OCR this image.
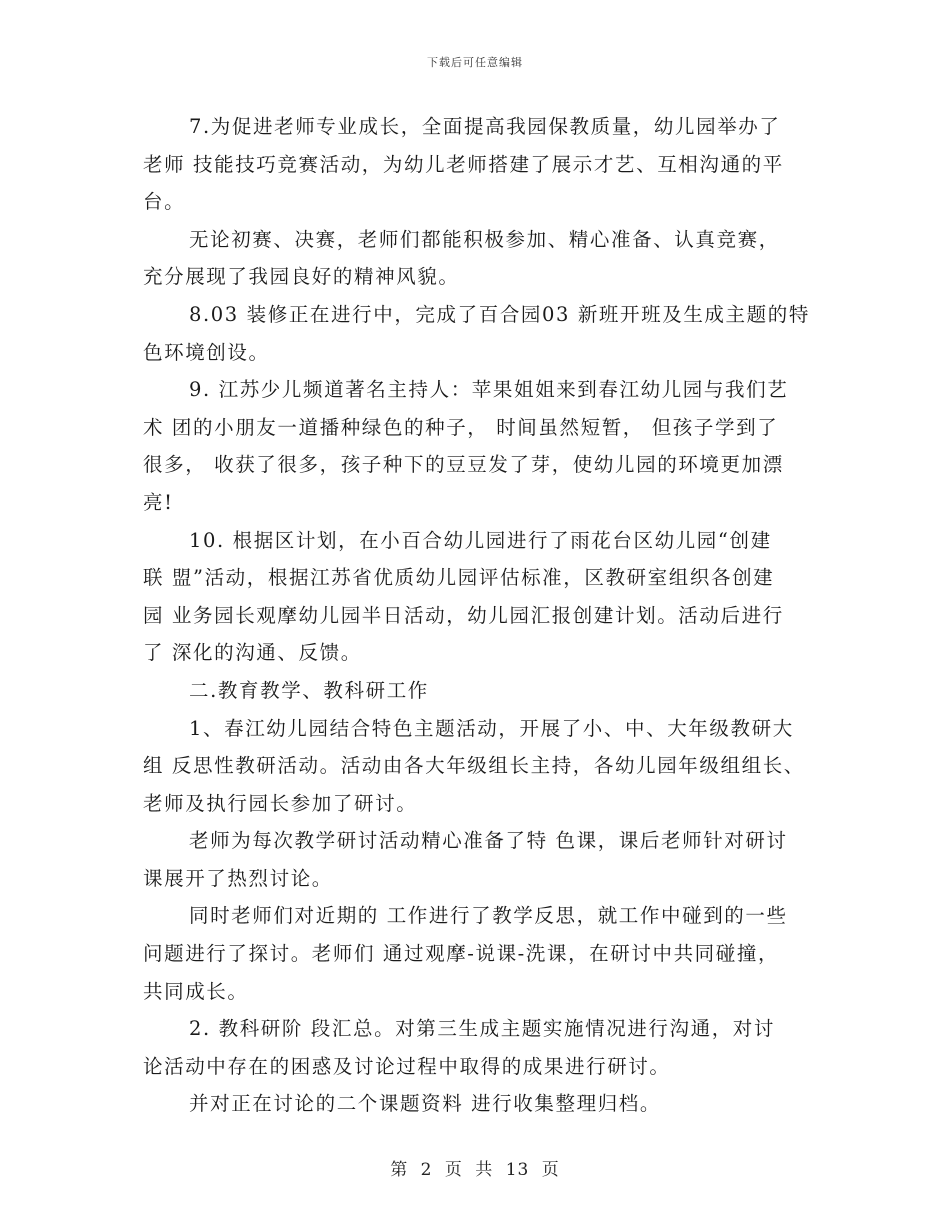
下载后可任意编辑
7.为促进老师专业成长，全面提高我园保教质量，幼儿园举办了
老师 技能技巧竞赛活动，为幼儿老师搭建了展示才艺、互相沟通的平
台。
无论初赛、决赛，老师们都能积极参加、精心准备、认真竞赛，
充分展现了我园良好的精神风貌。
8.03 装修正在进行中，完成了百合园03 新班开班及生成主题的特
色环境创设。
9. 江苏少儿频道著名主持人：苹果姐姐来到春江幼儿园与我们艺
术 团的小朋友一道播种绿色的种子， 时间虽然短暂， 但孩子学到了
很多， 收获了很多，孩子种下的豆豆发了芽，使幼儿园的环境更加漂
亮!
10. 根据区计划，在小百合幼儿园进行了雨花台区幼儿园“创建
联 盟”活动，根据江苏省优质幼儿园评估标准，区教研室组织各创建
园 业务园长观摩幼儿园半日活动，幼儿园汇报创建计划。活动后进行
了 深化的沟通、反馈。
二.教育教学、教科研工作
1、春江幼儿园结合特色主题活动，开展了小、中、大年级教研大
组 反思性教研活动。活动由各大年级组长主持，各幼儿园年级组组长、
老师及执行园长参加了研讨。
老师为每次教学研讨活动精心准备了特 色课，课后老师针对研讨
课展开了热烈讨论。
同时老师们对近期的 工作进行了教学反思，就工作中碰到的一些
问题进行了探讨。老师们 通过观摩-说课-洗课，在研讨中共同碰撞，
共同成长。
2. 教科研阶 段汇总。对第三生成主题实施情况进行沟通，对讨
论活动中存在的困惑及讨论过程中取得的成果进行研讨。
并对正在讨论的二个课题资料 进行收集整理归档。
第 2 页 共 13 页
